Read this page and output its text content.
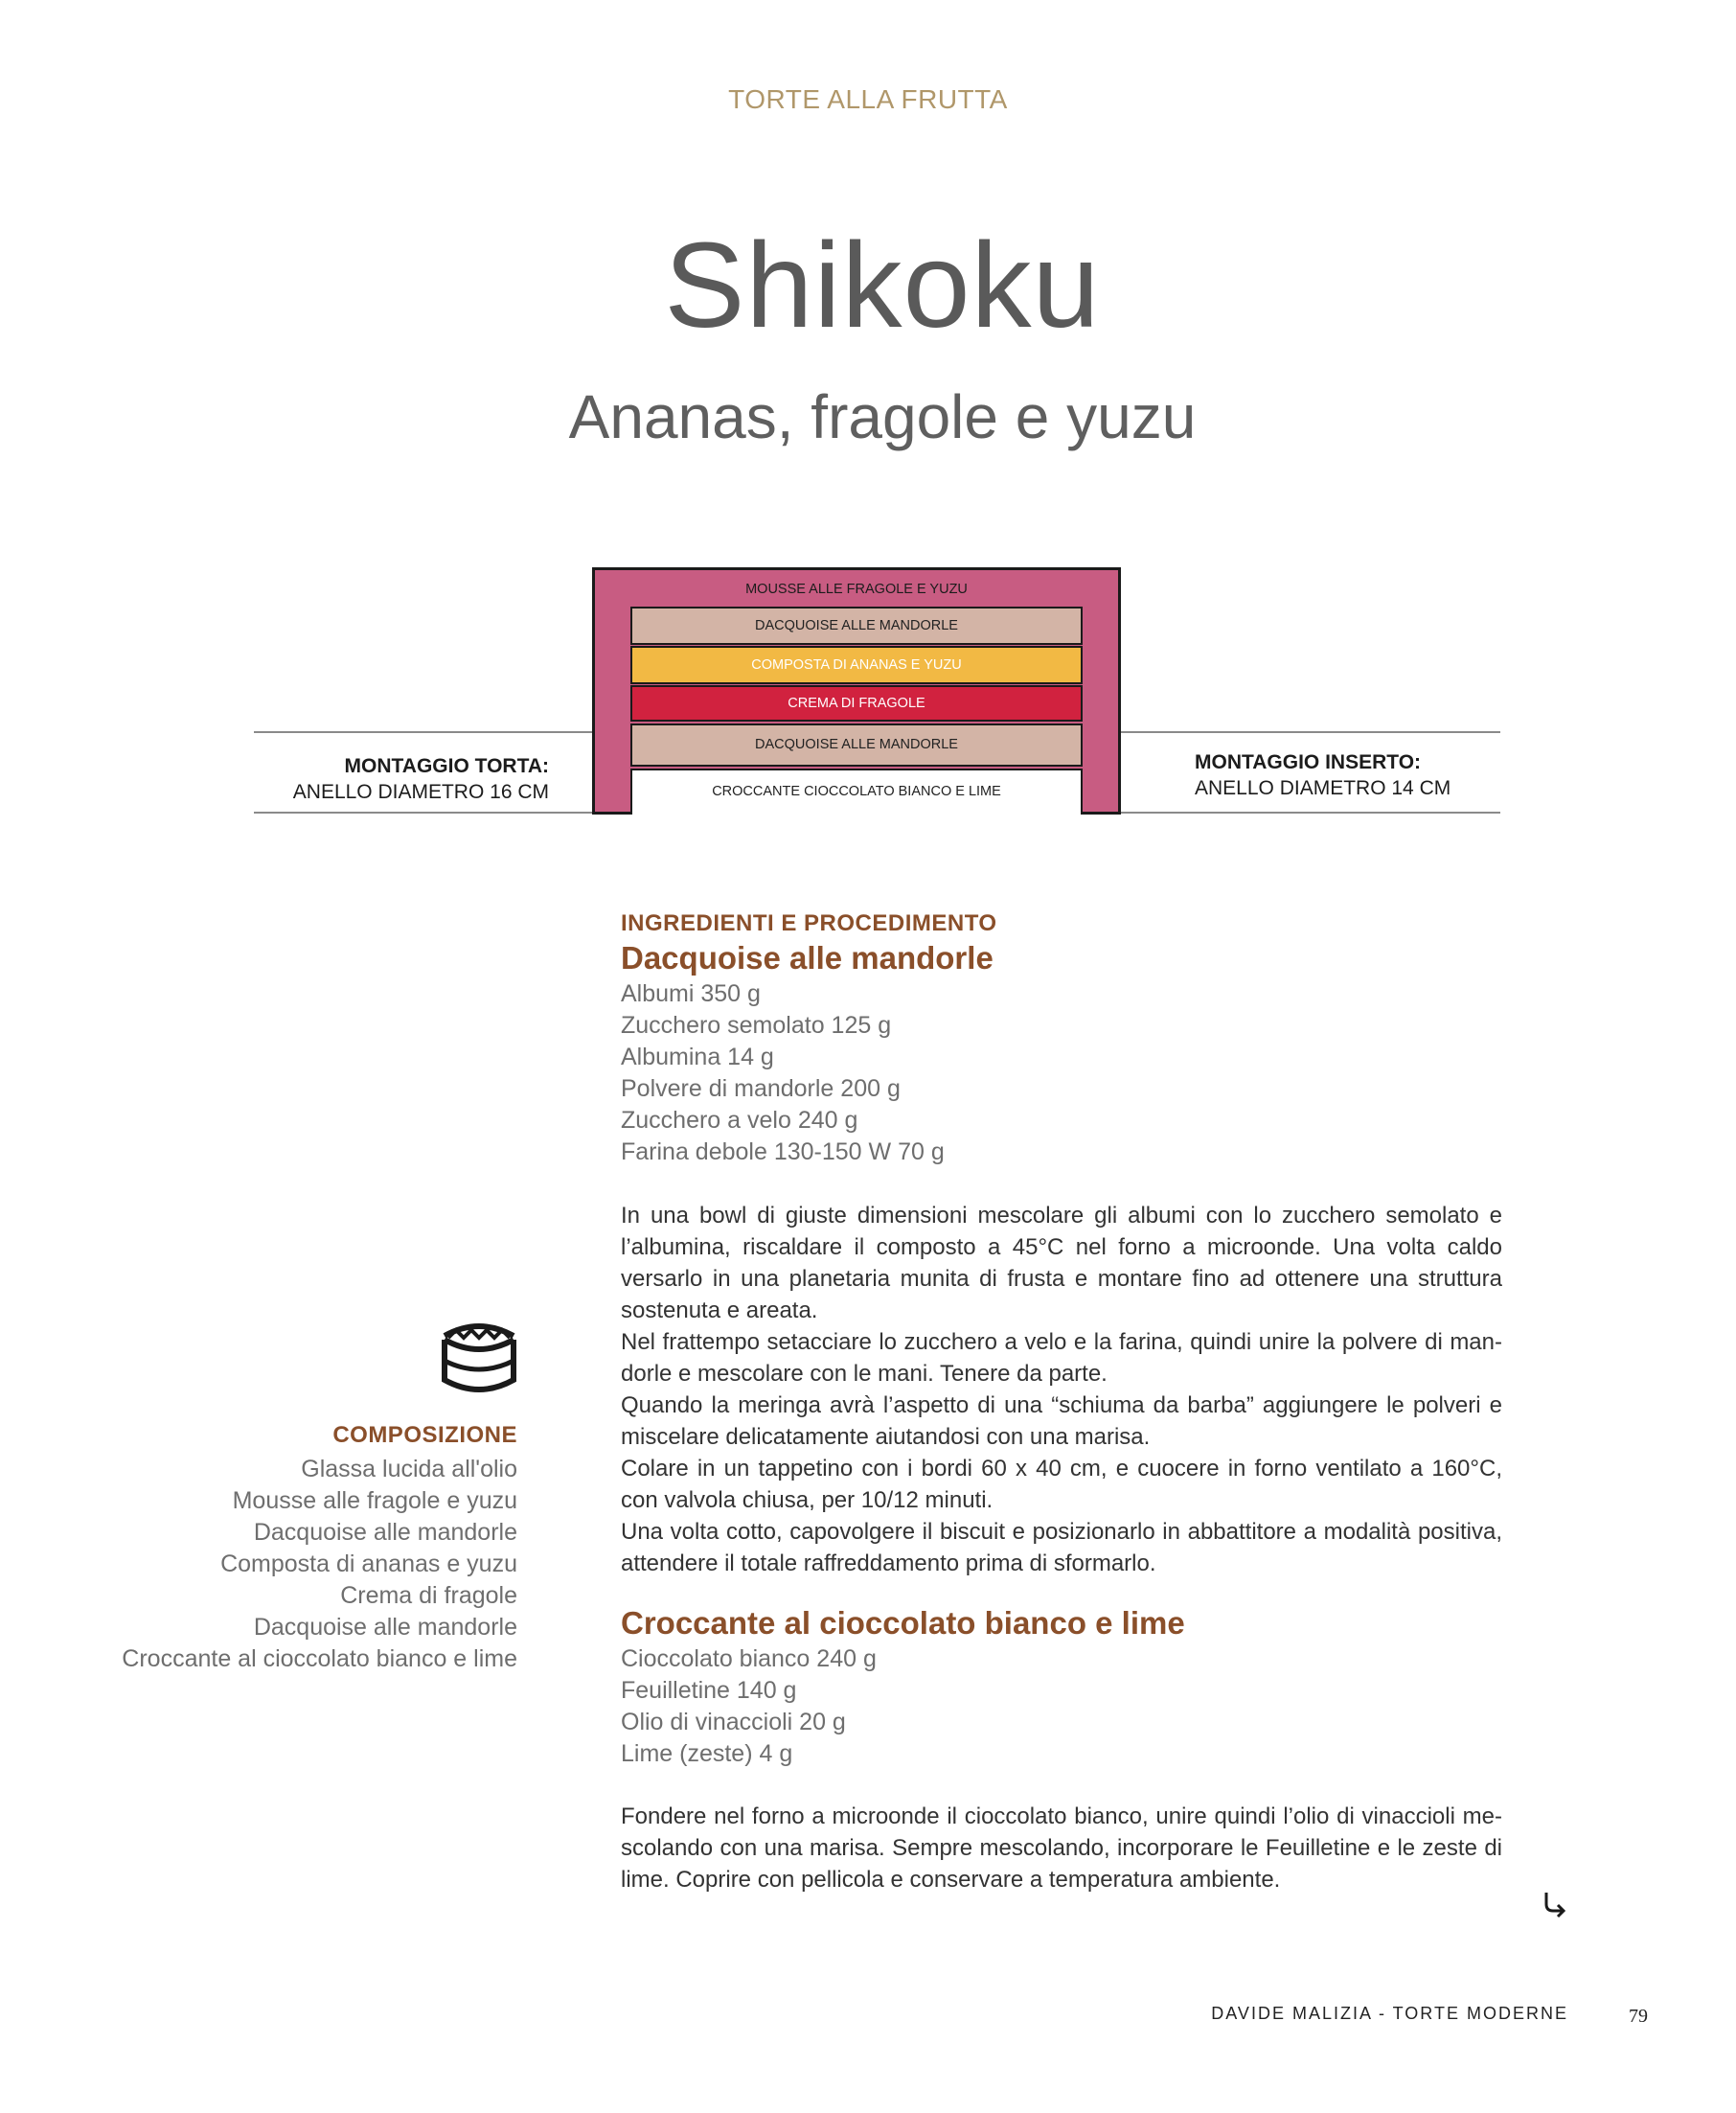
TORTE ALLA FRUTTA
Shikoku
Ananas, fragole e yuzu
MONTAGGIO TORTA:
ANELLO DIAMETRO 16 CM
MONTAGGIO INSERTO:
ANELLO DIAMETRO 14 CM
MOUSSE ALLE FRAGOLE E YUZU
DACQUOISE ALLE MANDORLE
COMPOSTA DI ANANAS E YUZU
CREMA DI FRAGOLE
DACQUOISE ALLE MANDORLE
CROCCANTE CIOCCOLATO BIANCO E LIME
COMPOSIZIONE
Glassa lucida all'olio
Mousse alle fragole e yuzu
Dacquoise alle mandorle
Composta di ananas e yuzu
Crema di fragole
Dacquoise alle mandorle
Croccante al cioccolato bianco e lime
INGREDIENTI E PROCEDIMENTO
Dacquoise alle mandorle
Albumi 350 g
Zucchero semolato 125 g
Albumina 14 g
Polvere di mandorle 200 g
Zucchero a velo 240 g
Farina debole 130-150 W 70 g
In una bowl di giuste dimensioni mescolare gli albumi con lo zucchero semolato e l’albumina, riscaldare il composto a 45°C nel forno a microonde. Una volta caldo versarlo in una planetaria munita di frusta e montare fino ad ottenere una struttura sostenuta e areata.
Nel frattempo setacciare lo zucchero a velo e la farina, quindi unire la polvere di man-dorle e mescolare con le mani. Tenere da parte.
Quando la meringa avrà l’aspetto di una “schiuma da barba” aggiungere le polveri e miscelare delicatamente aiutandosi con una marisa.
Colare in un tappetino con i bordi 60 x 40 cm, e cuocere in forno ventilato a 160°C, con valvola chiusa, per 10/12 minuti.
Una volta cotto, capovolgere il biscuit e posizionarlo in abbattitore a modalità positiva, attendere il totale raffreddamento prima di sformarlo.
Croccante al cioccolato bianco e lime
Cioccolato bianco 240 g
Feuilletine 140 g
Olio di vinaccioli 20 g
Lime (zeste) 4 g
Fondere nel forno a microonde il cioccolato bianco, unire quindi l’olio di vinaccioli me-scolando con una marisa. Sempre mescolando, incorporare le Feuilletine e le zeste di lime. Coprire con pellicola e conservare a temperatura ambiente.
DAVIDE MALIZIA - TORTE MODERNE	79
